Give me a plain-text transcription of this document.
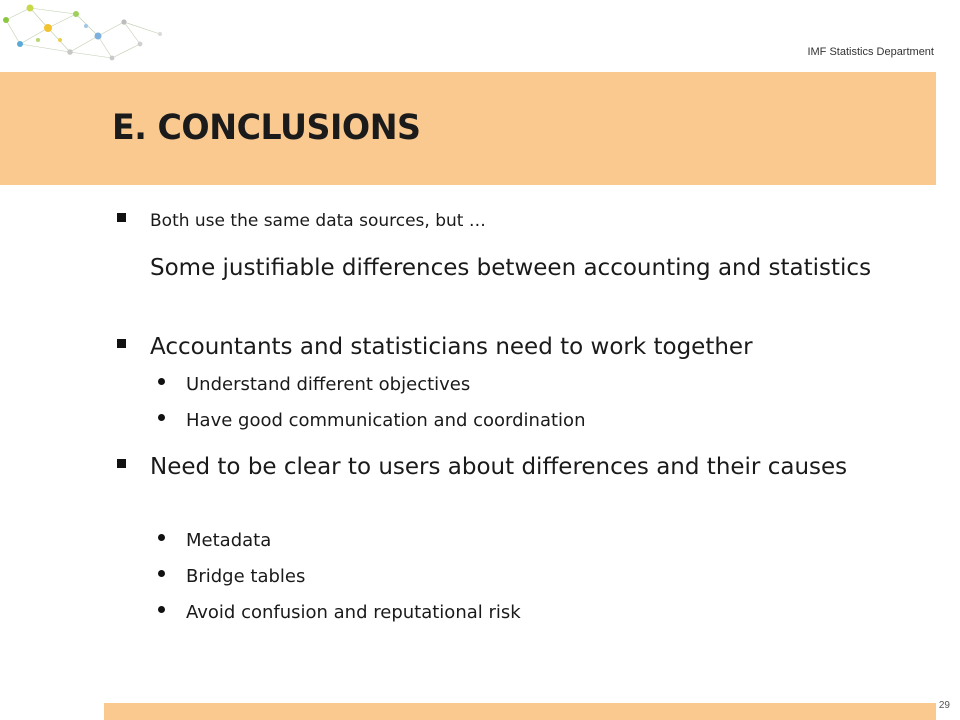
IMF Statistics Department
E. CONCLUSIONS
Both use the same data sources, but …
Some justifiable differences between accounting and statistics
Accountants and statisticians need to work together
Understand different objectives
Have good communication and coordination
Need to be clear to users about differences and their causes
Metadata
Bridge tables
Avoid confusion and reputational risk
29
